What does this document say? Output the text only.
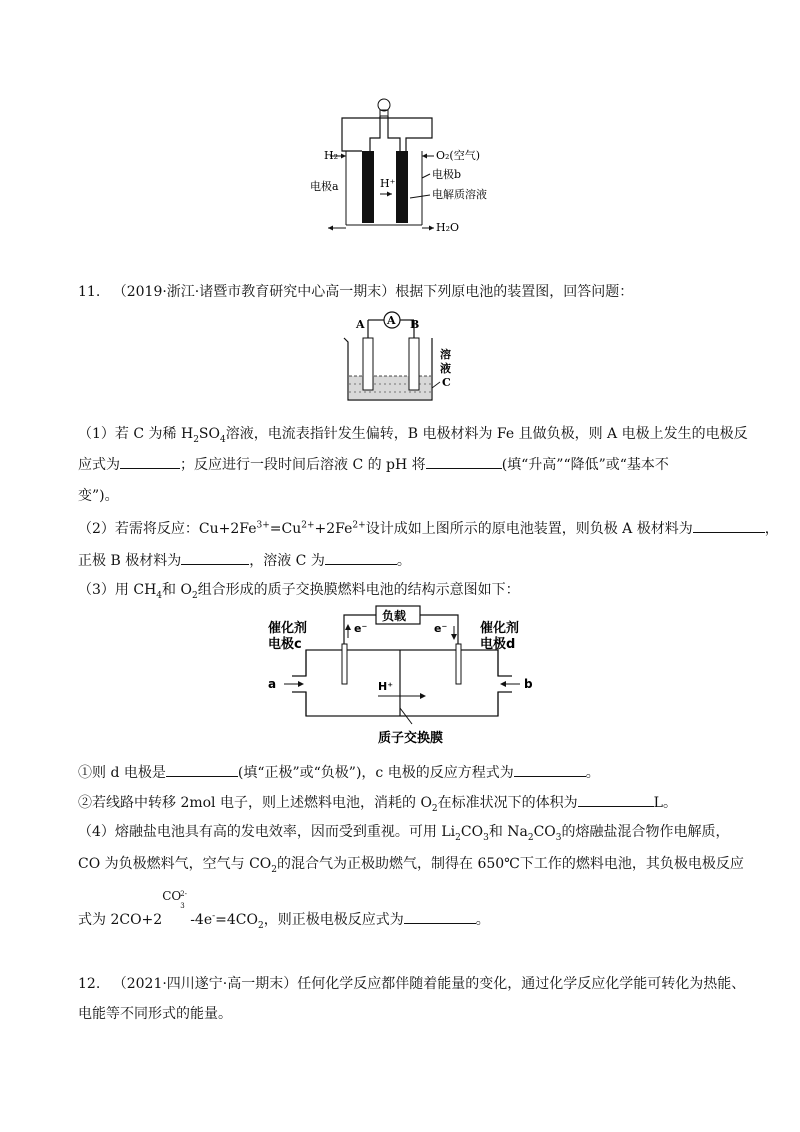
H₂	O₂(空气)
电极a	H⁺
电极b
电解质溶液
H₂O
11. （2019·浙江·诸暨市教育研究中心高一期末）根据下列原电池的装置图，回答问题：
A
A	B
溶
液
C
（1）若 C 为稀 $H_2SO_4$溶液，电流表指针发生偏转，B 电极材料为 Fe 且做负极，则 A 电极上发生的电极反
应式为	；反应进行一段时间后溶液 C 的 pH 将	(填“升高”“降低”或“基本不
变”)。
（2）若需将反应：$Cu+2Fe^{3+}=Cu^{2+}+2Fe^{2+}$设计成如上图所示的原电池装置，则负极 A 极材料为	，
正极 B 极材料为	，溶液 C 为	。
（3）用 $CH_4$和 $O_2$组合形成的质子交换膜燃料电池的结构示意图如下：
负载
e⁻	e⁻
H⁺
a	b
催化剂
电极c
催化剂
电极d
质子交换膜
①则 d 电极是	(填“正极”或“负极”)，c 电极的反应方程式为	。
②若线路中转移 2mol 电子，则上述燃料电池，消耗的 $O_2$在标准状况下的体积为	L。
（4）熔融盐电池具有高的发电效率，因而受到重视。可用 $Li_2CO_3$和 $Na_2CO_3$的熔融盐混合物作电解质，
CO 为负极燃料气，空气与 $CO_2$的混合气为正极助燃气，制得在 650℃下工作的燃料电池，其负极电极反应
式为 2CO+2
CO
2-
3
$-4e^-=4CO_2$，则正极电极反应式为	。
12. （2021·四川遂宁·高一期末）任何化学反应都伴随着能量的变化，通过化学反应化学能可转化为热能、
电能等不同形式的能量。
